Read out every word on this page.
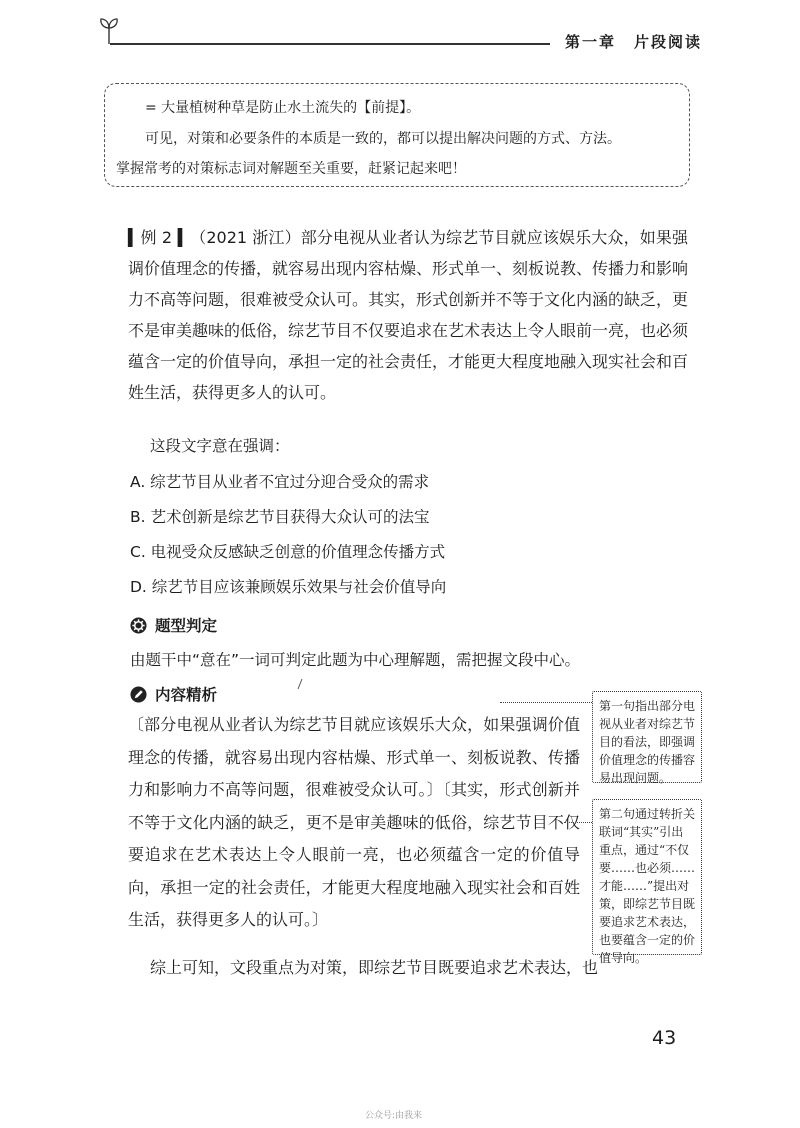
第一章 片段阅读
= 大量植树种草是防止水土流失的【前提】。
可见，对策和必要条件的本质是一致的，都可以提出解决问题的方式、方法。
掌握常考的对策标志词对解题至关重要，赶紧记起来吧！
▍例 2 ▍（2021 浙江）部分电视从业者认为综艺节目就应该娱乐大众，如果强调价值理念的传播，就容易出现内容枯燥、形式单一、刻板说教、传播力和影响力不高等问题，很难被受众认可。其实，形式创新并不等于文化内涵的缺乏，更不是审美趣味的低俗，综艺节目不仅要追求在艺术表达上令人眼前一亮，也必须蕴含一定的价值导向，承担一定的社会责任，才能更大程度地融入现实社会和百姓生活，获得更多人的认可。
这段文字意在强调：
A. 综艺节目从业者不宜过分迎合受众的需求
B. 艺术创新是综艺节目获得大众认可的法宝
C. 电视受众反感缺乏创意的价值理念传播方式
D. 综艺节目应该兼顾娱乐效果与社会价值导向
题型判定
由题干中“意在”一词可判定此题为中心理解题，需把握文段中心。
内容精析
〔部分电视从业者认为综艺节目就应该娱乐大众，如果强调价值理念的传播，就容易出现内容枯燥、形式单一、刻板说教、传播力和影响力不高等问题，很难被受众认可。〕〔其实，形式创新并不等于文化内涵的缺乏，更不是审美趣味的低俗，综艺节目不仅要追求在艺术表达上令人眼前一亮，也必须蕴含一定的价值导向，承担一定的社会责任，才能更大程度地融入现实社会和百姓生活，获得更多人的认可。〕
第一句指出部分电视从业者对综艺节目的看法，即强调价值理念的传播容易出现问题。
第二句通过转折关联词“其实”引出重点，通过“不仅要……也必须……才能……”提出对策，即综艺节目既要追求艺术表达，也要蕴含一定的价值导向。
综上可知，文段重点为对策，即综艺节目既要追求艺术表达，也
43
公众号:由我来
